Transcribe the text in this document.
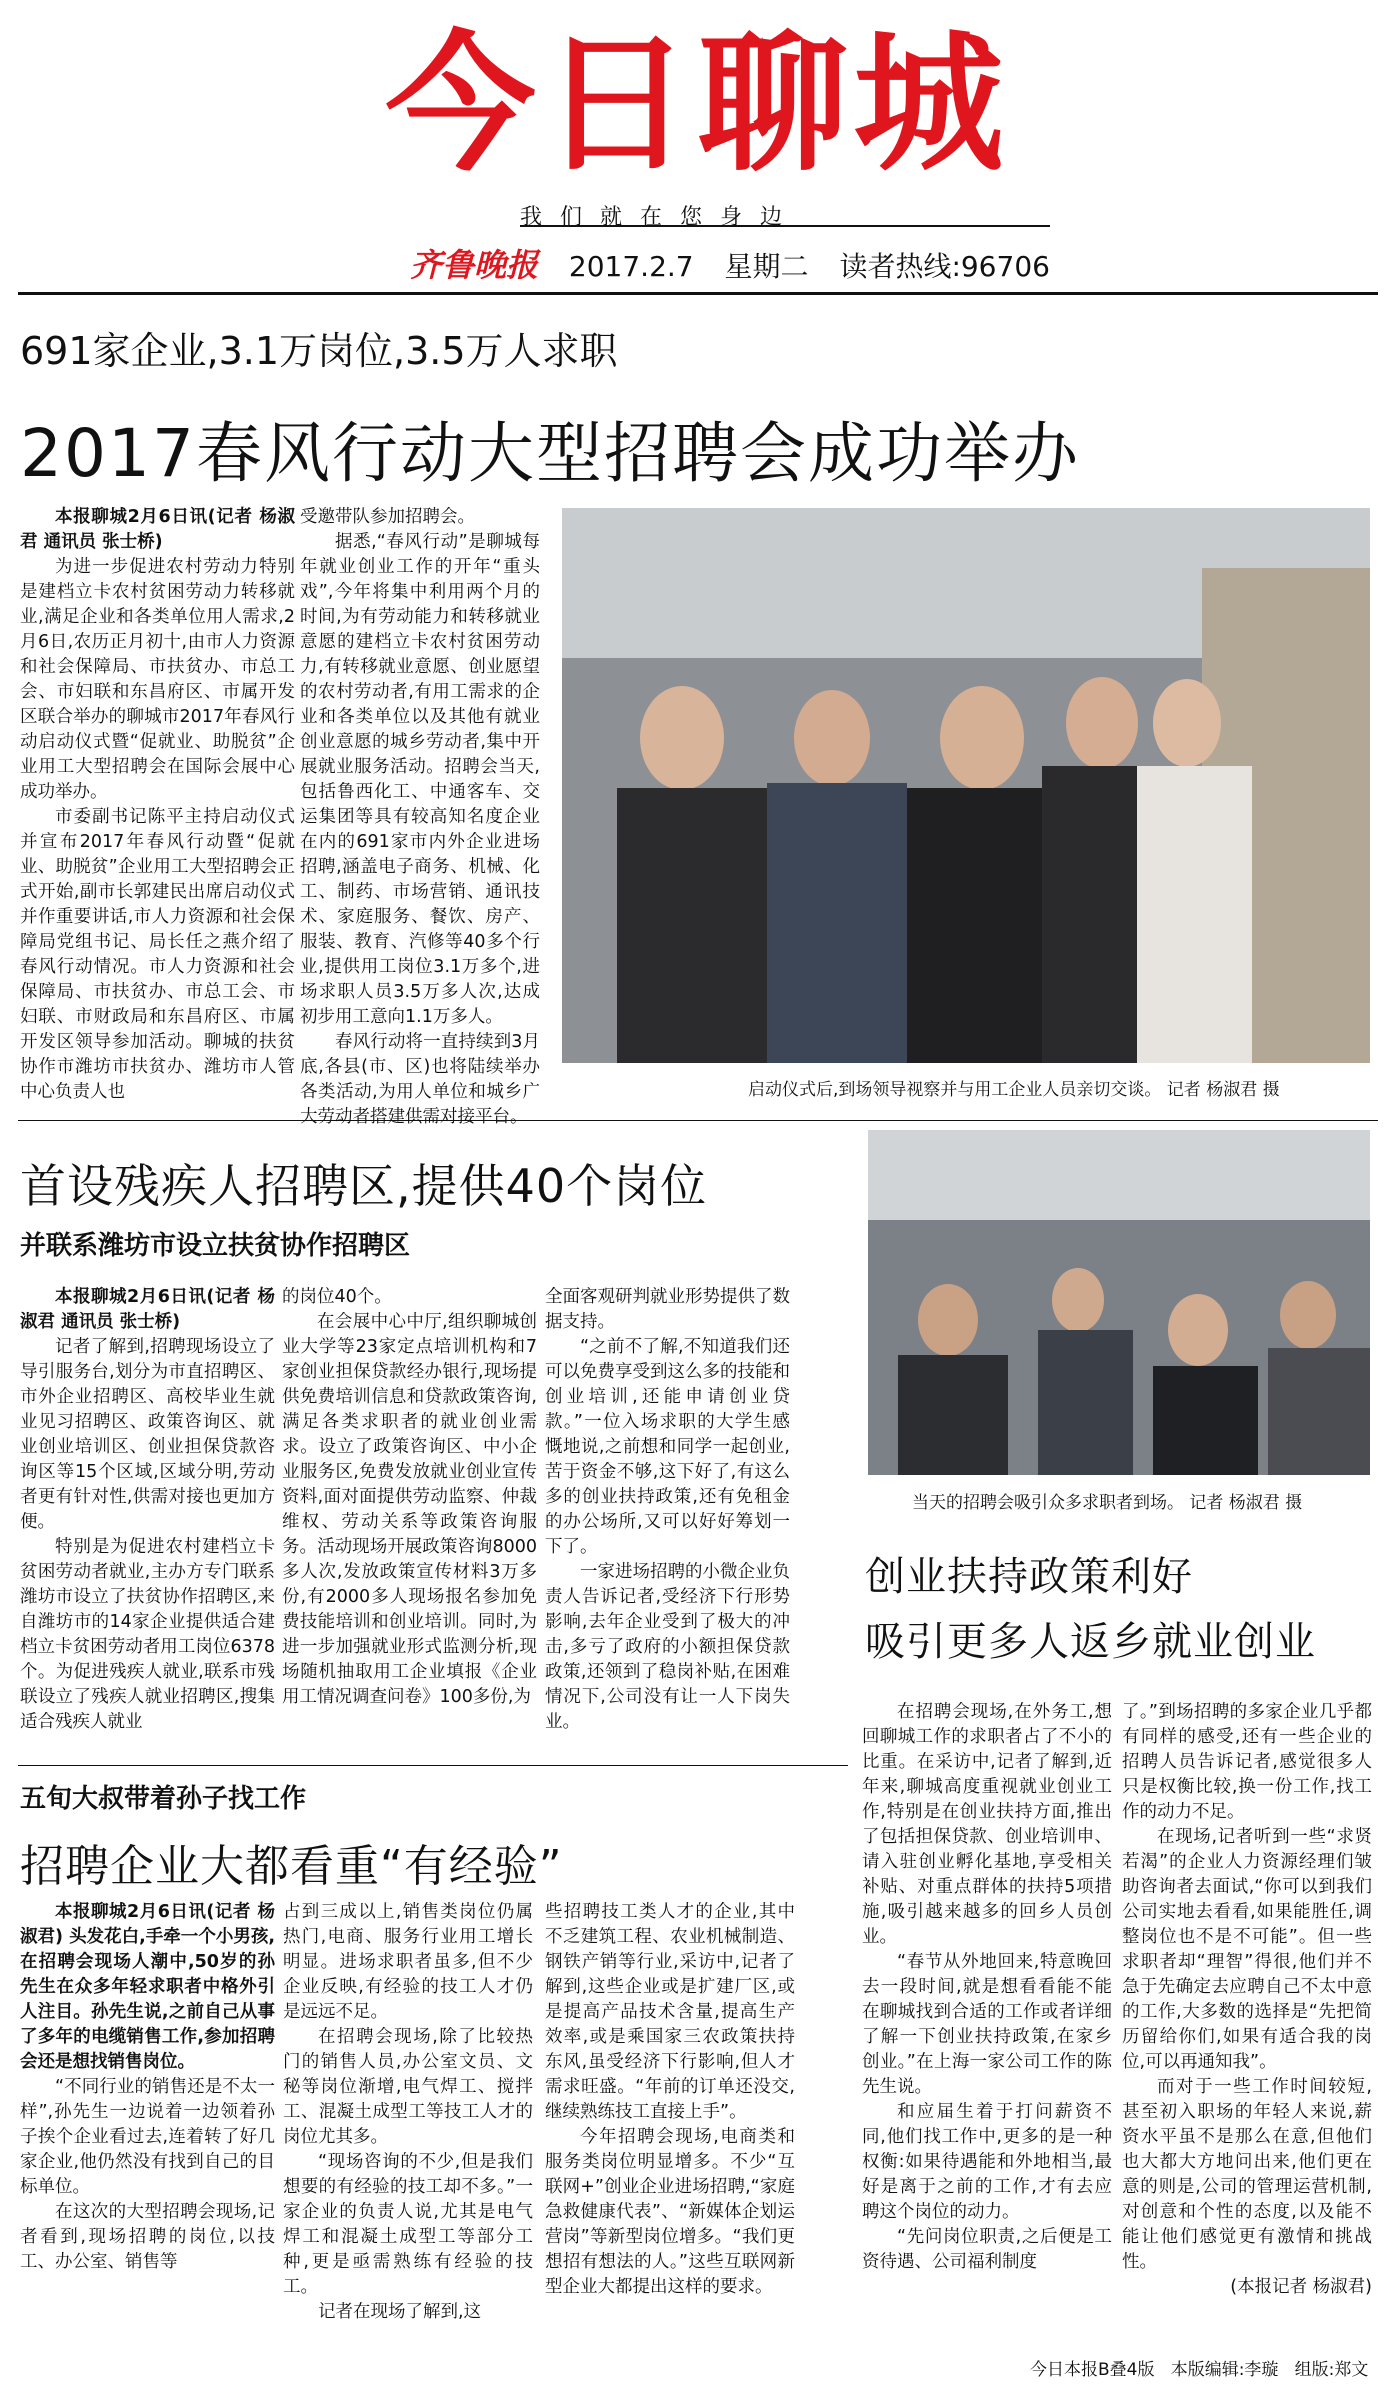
今日聊城
我们就在您身边
齐鲁晚报 2017.2.7 星期二 读者热线:96706
691家企业,3.1万岗位,3.5万人求职
2017春风行动大型招聘会成功举办

本报聊城2月6日讯(记者 杨淑君 通讯员 张士桥)

为进一步促进农村劳动力特别是建档立卡农村贫困劳动力转移就业,满足企业和各类单位用人需求,2月6日,农历正月初十,由市人力资源和社会保障局、市扶贫办、市总工会、市妇联和东昌府区、市属开发区联合举办的聊城市2017年春风行动启动仪式暨“促就业、助脱贫”企业用工大型招聘会在国际会展中心成功举办。

市委副书记陈平主持启动仪式并宣布2017年春风行动暨“促就业、助脱贫”企业用工大型招聘会正式开始,副市长郭建民出席启动仪式并作重要讲话,市人力资源和社会保障局党组书记、局长任之燕介绍了春风行动情况。市人力资源和社会保障局、市扶贫办、市总工会、市妇联、市财政局和东昌府区、市属开发区领导参加活动。聊城的扶贫协作市潍坊市扶贫办、潍坊市人管中心负责人也

受邀带队参加招聘会。

据悉,“春风行动”是聊城每年就业创业工作的开年“重头戏”,今年将集中利用两个月的时间,为有劳动能力和转移就业意愿的建档立卡农村贫困劳动力,有转移就业意愿、创业愿望的农村劳动者,有用工需求的企业和各类单位以及其他有就业创业意愿的城乡劳动者,集中开展就业服务活动。招聘会当天,包括鲁西化工、中通客车、交运集团等具有较高知名度企业在内的691家市内外企业进场招聘,涵盖电子商务、机械、化工、制药、市场营销、通讯技术、家庭服务、餐饮、房产、服装、教育、汽修等40多个行业,提供用工岗位3.1万多个,进场求职人员3.5万多人次,达成初步用工意向1.1万多人。

春风行动将一直持续到3月底,各县(市、区)也将陆续举办各类活动,为用人单位和城乡广大劳动者搭建供需对接平台。

启动仪式后,到场领导视察并与用工企业人员亲切交谈。 记者 杨淑君 摄
首设残疾人招聘区,提供40个岗位
并联系潍坊市设立扶贫协作招聘区

本报聊城2月6日讯(记者 杨淑君 通讯员 张士桥)

记者了解到,招聘现场设立了导引服务台,划分为市直招聘区、市外企业招聘区、高校毕业生就业见习招聘区、政策咨询区、就业创业培训区、创业担保贷款咨询区等15个区域,区域分明,劳动者更有针对性,供需对接也更加方便。

特别是为促进农村建档立卡贫困劳动者就业,主办方专门联系潍坊市设立了扶贫协作招聘区,来自潍坊市的14家企业提供适合建档立卡贫困劳动者用工岗位6378个。为促进残疾人就业,联系市残联设立了残疾人就业招聘区,搜集适合残疾人就业

的岗位40个。

在会展中心中厅,组织聊城创业大学等23家定点培训机构和7家创业担保贷款经办银行,现场提供免费培训信息和贷款政策咨询,满足各类求职者的就业创业需求。设立了政策咨询区、中小企业服务区,免费发放就业创业宣传资料,面对面提供劳动监察、仲裁维权、劳动关系等政策咨询服务。活动现场开展政策咨询8000多人次,发放政策宣传材料3万多份,有2000多人现场报名参加免费技能培训和创业培训。同时,为进一步加强就业形式监测分析,现场随机抽取用工企业填报《企业用工情况调查问卷》100多份,为

全面客观研判就业形势提供了数据支持。

“之前不了解,不知道我们还可以免费享受到这么多的技能和创业培训,还能申请创业贷款。”一位入场求职的大学生感慨地说,之前想和同学一起创业,苦于资金不够,这下好了,有这么多的创业扶持政策,还有免租金的办公场所,又可以好好筹划一下了。

一家进场招聘的小微企业负责人告诉记者,受经济下行形势影响,去年企业受到了极大的冲击,多亏了政府的小额担保贷款政策,还领到了稳岗补贴,在困难情况下,公司没有让一人下岗失业。

当天的招聘会吸引众多求职者到场。 记者 杨淑君 摄
创业扶持政策利好
吸引更多人返乡就业创业

在招聘会现场,在外务工,想回聊城工作的求职者占了不小的比重。在采访中,记者了解到,近年来,聊城高度重视就业创业工作,特别是在创业扶持方面,推出了包括担保贷款、创业培训申、请入驻创业孵化基地,享受相关补贴、对重点群体的扶持5项措施,吸引越来越多的回乡人员创业。

“春节从外地回来,特意晚回去一段时间,就是想看看能不能在聊城找到合适的工作或者详细了解一下创业扶持政策,在家乡创业。”在上海一家公司工作的陈先生说。

和应届生着于打问薪资不同,他们找工作中,更多的是一种权衡:如果待遇能和外地相当,最好是离于之前的工作,才有去应聘这个岗位的动力。

“先问岗位职责,之后便是工资待遇、公司福利制度

了。”到场招聘的多家企业几乎都有同样的感受,还有一些企业的招聘人员告诉记者,感觉很多人只是权衡比较,换一份工作,找工作的动力不足。

在现场,记者听到一些“求贤若渴”的企业人力资源经理们皱助咨询者去面试,“你可以到我们公司实地去看看,如果能胜任,调整岗位也不是不可能”。但一些求职者却“理智”得很,他们并不急于先确定去应聘自己不太中意的工作,大多数的选择是“先把简历留给你们,如果有适合我的岗位,可以再通知我”。

而对于一些工作时间较短,甚至初入职场的年轻人来说,薪资水平虽不是那么在意,但他们也大都大方地问出来,他们更在意的则是,公司的管理运营机制,对创意和个性的态度,以及能不能让他们感觉更有激情和挑战性。

(本报记者 杨淑君)

五旬大叔带着孙子找工作
招聘企业大都看重“有经验”

本报聊城2月6日讯(记者 杨淑君) 头发花白,手牵一个小男孩,在招聘会现场人潮中,50岁的孙先生在众多年轻求职者中格外引人注目。孙先生说,之前自己从事了多年的电缆销售工作,参加招聘会还是想找销售岗位。

“不同行业的销售还是不太一样”,孙先生一边说着一边领着孙子挨个企业看过去,连着转了好几家企业,他仍然没有找到自己的目标单位。

在这次的大型招聘会现场,记者看到,现场招聘的岗位,以技工、办公室、销售等

占到三成以上,销售类岗位仍属热门,电商、服务行业用工增长明显。进场求职者虽多,但不少企业反映,有经验的技工人才仍是远远不足。

在招聘会现场,除了比较热门的销售人员,办公室文员、文秘等岗位渐增,电气焊工、搅拌工、混凝土成型工等技工人才的岗位尤其多。

“现场咨询的不少,但是我们想要的有经验的技工却不多。”一家企业的负责人说,尤其是电气焊工和混凝土成型工等部分工种,更是亟需熟练有经验的技工。

记者在现场了解到,这

些招聘技工类人才的企业,其中不乏建筑工程、农业机械制造、钢铁产销等行业,采访中,记者了解到,这些企业或是扩建厂区,或是提高产品技术含量,提高生产效率,或是乘国家三农政策扶持东风,虽受经济下行影响,但人才需求旺盛。“年前的订单还没交,继续熟练技工直接上手”。

今年招聘会现场,电商类和服务类岗位明显增多。不少“互联网+”创业企业进场招聘,“家庭急救健康代表”、“新媒体企划运营岗”等新型岗位增多。“我们更想招有想法的人。”这些互联网新型企业大都提出这样的要求。

今日本报B叠4版 本版编辑:李璇 组版:郑文
